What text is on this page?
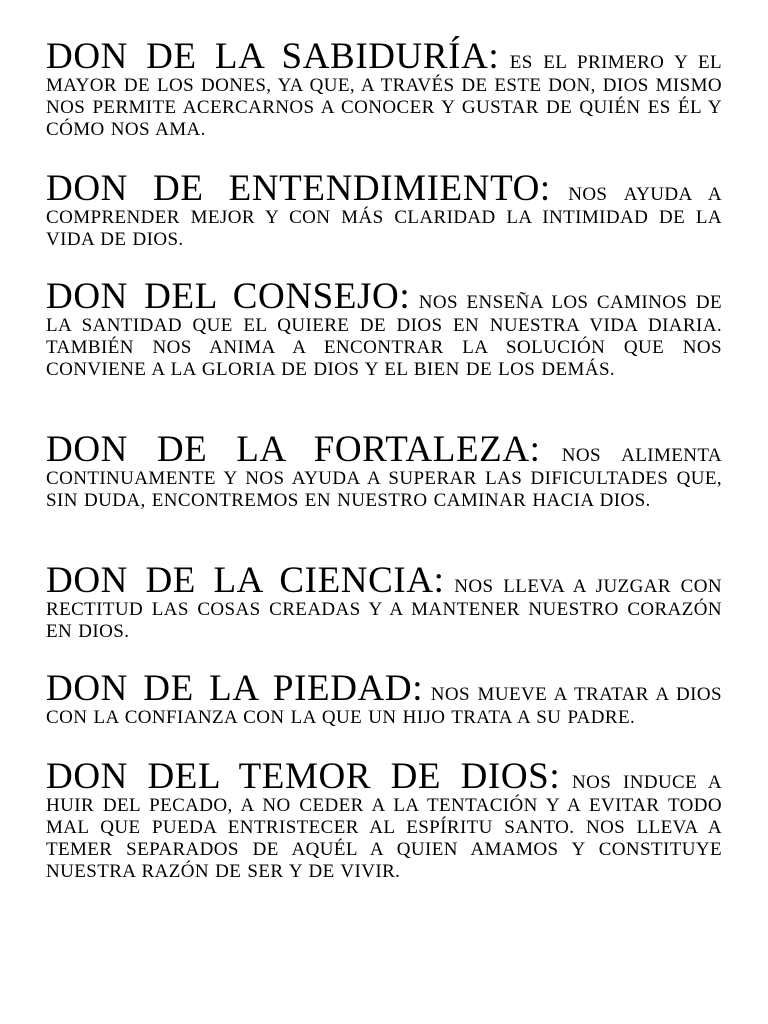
DON DE LA SABIDURÍA: ES EL PRIMERO Y EL MAYOR DE LOS DONES, YA QUE, A TRAVÉS DE ESTE DON, DIOS MISMO NOS PERMITE ACERCARNOS A CONOCER Y GUSTAR DE QUIÉN ES ÉL Y CÓMO NOS AMA.

DON DE ENTENDIMIENTO: NOS AYUDA A COMPRENDER MEJOR Y CON MÁS CLARIDAD LA INTIMIDAD DE LA VIDA DE DIOS.

DON DEL CONSEJO: NOS ENSEÑA LOS CAMINOS DE LA SANTIDAD QUE EL QUIERE DE DIOS EN NUESTRA VIDA DIARIA. TAMBIÉN NOS ANIMA A ENCONTRAR LA SOLUCIÓN QUE NOS CONVIENE A LA GLORIA DE DIOS Y EL BIEN DE LOS DEMÁS.

DON DE LA FORTALEZA: NOS ALIMENTA CONTINUAMENTE Y NOS AYUDA A SUPERAR LAS DIFICULTADES QUE, SIN DUDA, ENCONTREMOS EN NUESTRO CAMINAR HACIA DIOS.

DON DE LA CIENCIA: NOS LLEVA A JUZGAR CON RECTITUD LAS COSAS CREADAS Y A MANTENER NUESTRO CORAZÓN EN DIOS.

DON DE LA PIEDAD: NOS MUEVE A TRATAR A DIOS CON LA CONFIANZA CON LA QUE UN HIJO TRATA A SU PADRE.

DON DEL TEMOR DE DIOS: NOS INDUCE A HUIR DEL PECADO, A NO CEDER A LA TENTACIÓN Y A EVITAR TODO MAL QUE PUEDA ENTRISTECER AL ESPÍRITU SANTO. NOS LLEVA A TEMER SEPARADOS DE AQUÉL A QUIEN AMAMOS Y CONSTITUYE NUESTRA RAZÓN DE SER Y DE VIVIR.
